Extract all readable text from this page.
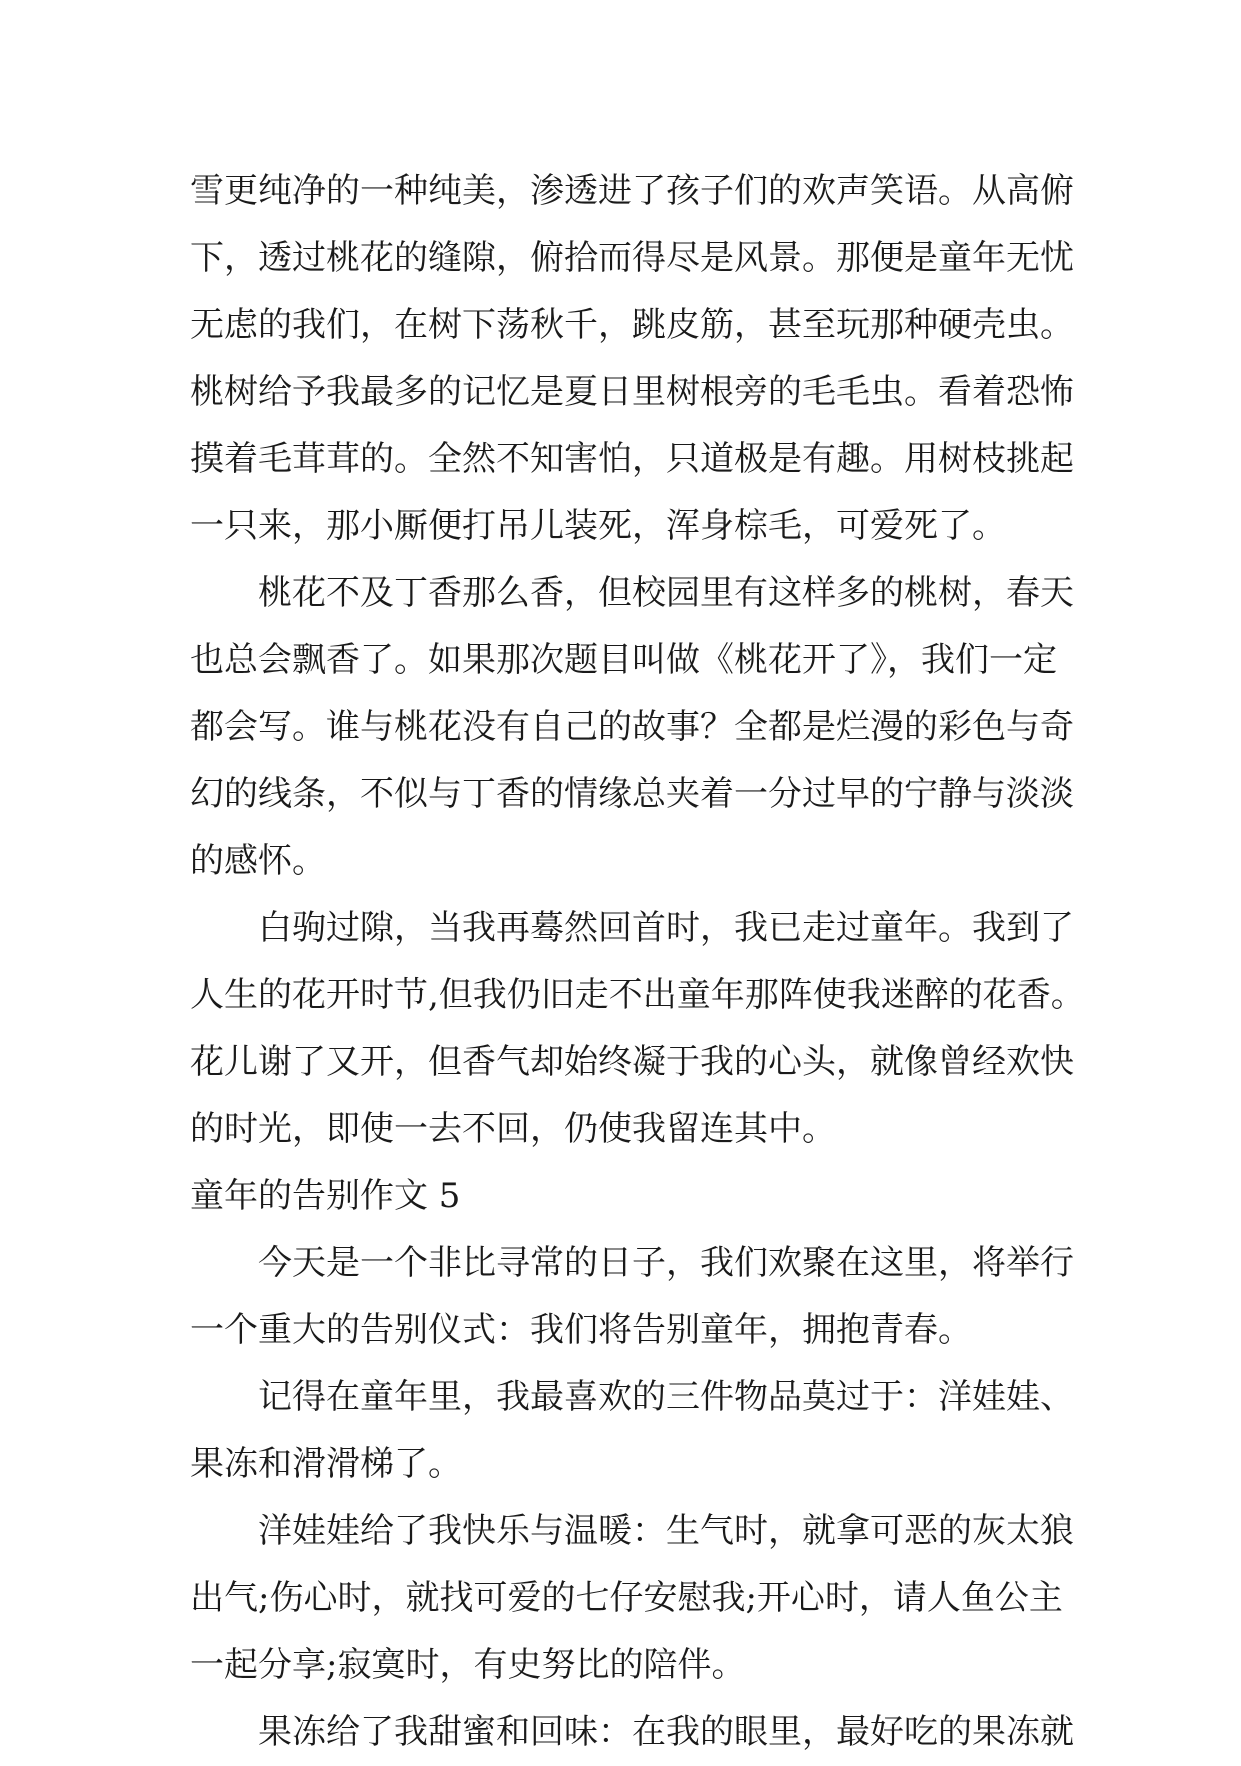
雪更纯净的一种纯美，渗透进了孩子们的欢声笑语。从高俯
下，透过桃花的缝隙，俯拾而得尽是风景。那便是童年无忧
无虑的我们，在树下荡秋千，跳皮筋，甚至玩那种硬壳虫。
桃树给予我最多的记忆是夏日里树根旁的毛毛虫。看着恐怖
摸着毛茸茸的。全然不知害怕，只道极是有趣。用树枝挑起
一只来，那小厮便打吊儿装死，浑身棕毛，可爱死了。
桃花不及丁香那么香，但校园里有这样多的桃树，春天
也总会飘香了。如果那次题目叫做《桃花开了》，我们一定
都会写。谁与桃花没有自己的故事？全都是烂漫的彩色与奇
幻的线条，不似与丁香的情缘总夹着一分过早的宁静与淡淡
的感怀。
白驹过隙，当我再蓦然回首时，我已走过童年。我到了
人生的花开时节,但我仍旧走不出童年那阵使我迷醉的花香。
花儿谢了又开，但香气却始终凝于我的心头，就像曾经欢快
的时光，即使一去不回，仍使我留连其中。
童年的告别作文 5
今天是一个非比寻常的日子，我们欢聚在这里，将举行
一个重大的告别仪式：我们将告别童年，拥抱青春。
记得在童年里，我最喜欢的三件物品莫过于：洋娃娃、
果冻和滑滑梯了。
洋娃娃给了我快乐与温暖：生气时，就拿可恶的灰太狼
出气;伤心时，就找可爱的七仔安慰我;开心时，请人鱼公主
一起分享;寂寞时，有史努比的陪伴。
果冻给了我甜蜜和回味：在我的眼里，最好吃的果冻就
